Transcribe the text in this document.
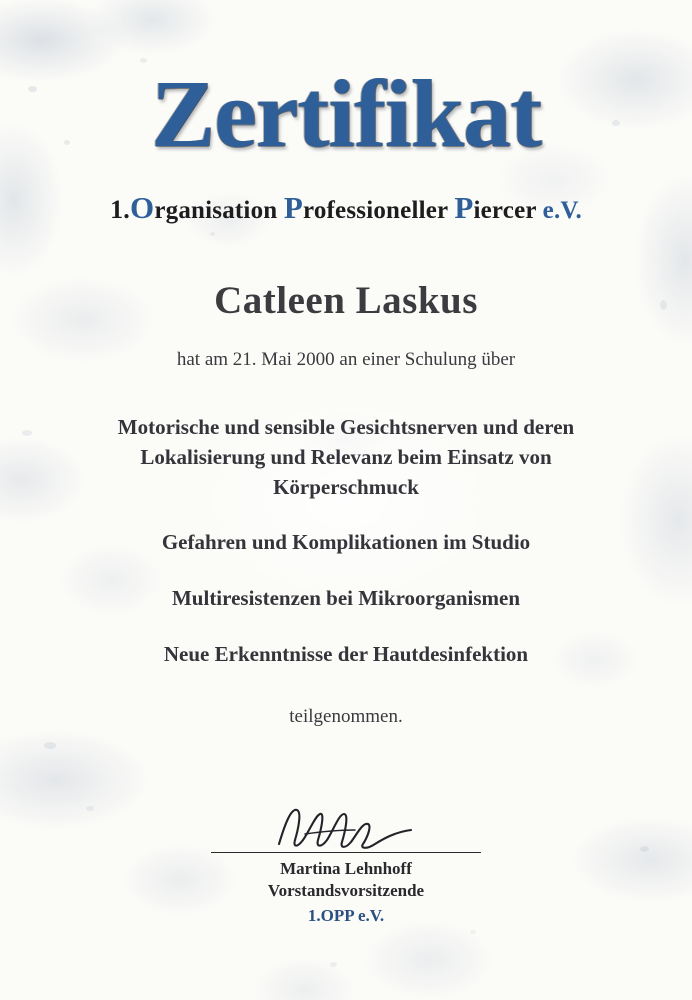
Zertifikat
1.Organisation Professioneller Piercer e.V.
Catleen Laskus
hat am 21. Mai 2000 an einer Schulung über
Motorische und sensible Gesichtsnerven und deren Lokalisierung und Relevanz beim Einsatz von Körperschmuck
Gefahren und Komplikationen im Studio
Multiresistenzen bei Mikroorganismen
Neue Erkenntnisse der Hautdesinfektion
teilgenommen.
Martina Lehnhoff
Vorstandsvorsitzende
1.OPP e.V.
